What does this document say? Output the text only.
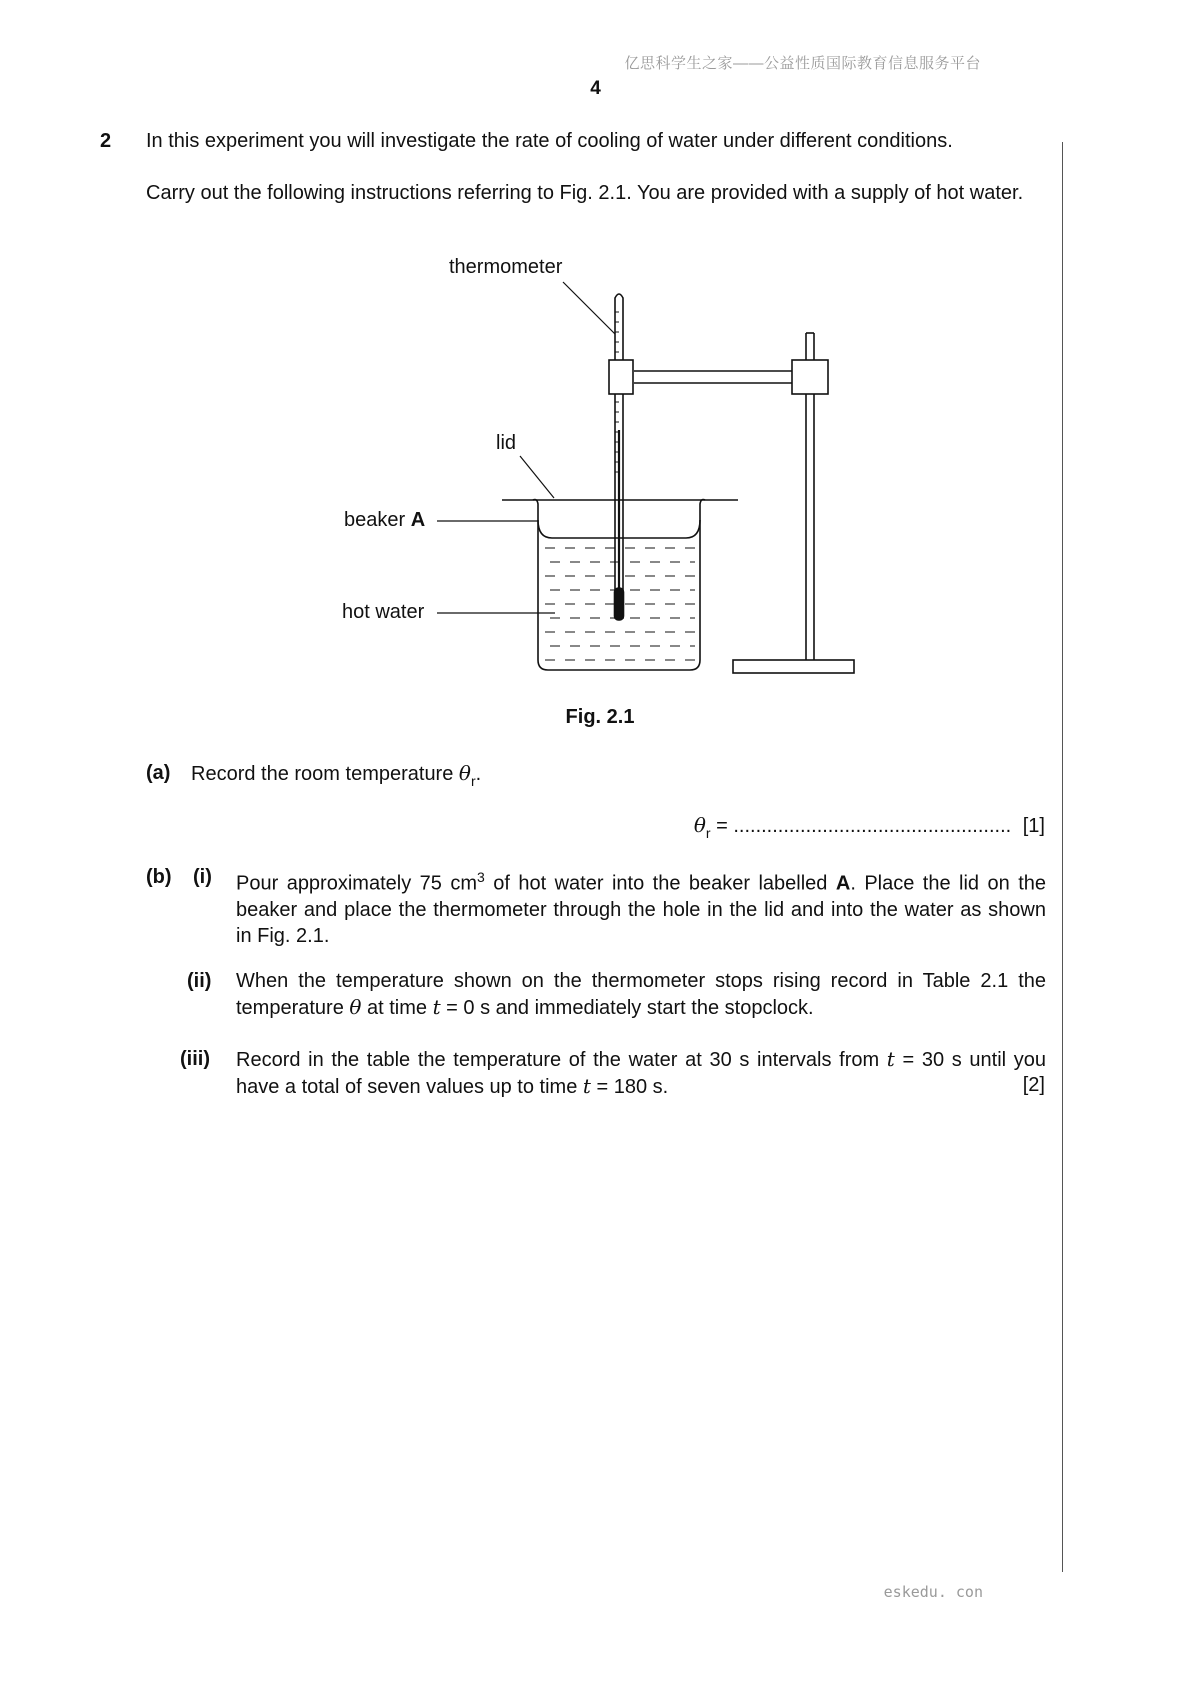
亿思科学生之家——公益性质国际教育信息服务平台
4
eskedu. con
2 In this experiment you will investigate the rate of cooling of water under different conditions.
Carry out the following instructions referring to Fig. 2.1. You are provided with a supply of hot water.
thermometer
lid
beaker A
hot water
Fig. 2.1
(a) Record the room temperature $\theta_r$.
$\theta_r$ = .................................................. [1]
(b) (i) Pour approximately 75 $cm^3$ of hot water into the beaker labelled A. Place the lid on the beaker and place the thermometer through the hole in the lid and into the water as shown in Fig. 2.1.
(ii) When the temperature shown on the thermometer stops rising record in Table 2.1 the temperature θ at time t = 0 s and immediately start the stopclock.
(iii) Record in the table the temperature of the water at 30 s intervals from t = 30 s until you have a total of seven values up to time t = 180 s.	[2]
